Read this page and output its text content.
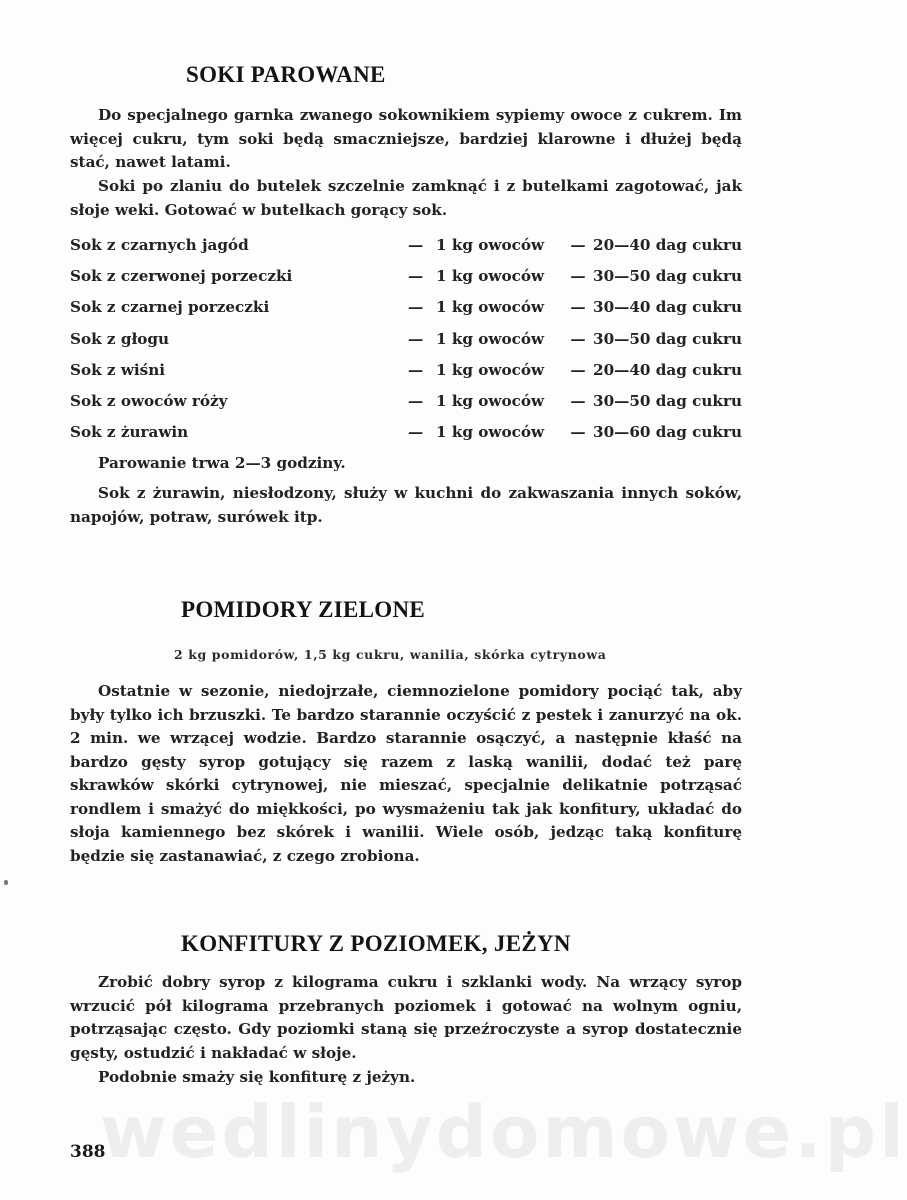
SOKI PAROWANE

Do specjalnego garnka zwanego sokownikiem sypiemy owoce z cukrem. Im więcej cukru, tym soki będą smaczniejsze, bardziej klarowne i dłużej będą stać, nawet latami.

Soki po zlaniu do butelek szczelnie zamknąć i z butelkami zagotować, jak słoje weki. Gotować w butelkach gorący sok.

Sok z czarnych jagód	— 1 kg owoców	— 20—40 dag cukru
Sok z czerwonej porzeczki	— 1 kg owoców	— 30—50 dag cukru
Sok z czarnej porzeczki	— 1 kg owoców	— 30—40 dag cukru
Sok z głogu	— 1 kg owoców	— 30—50 dag cukru
Sok z wiśni	— 1 kg owoców	— 20—40 dag cukru
Sok z owoców róży	— 1 kg owoców	— 30—50 dag cukru
Sok z żurawin	— 1 kg owoców	— 30—60 dag cukru

Parowanie trwa 2—3 godziny.

Sok z żurawin, niesłodzony, służy w kuchni do zakwaszania innych soków, napojów, potraw, surówek itp.

POMIDORY ZIELONE
2 kg pomidorów, 1,5 kg cukru, wanilia, skórka cytrynowa

Ostatnie w sezonie, niedojrzałe, ciemnozielone pomidory pociąć tak, aby były tylko ich brzuszki. Te bardzo starannie oczyścić z pestek i zanurzyć na ok. 2 min. we wrzącej wodzie. Bardzo starannie osączyć, a następnie kłaść na bardzo gęsty syrop gotujący się razem z laską wanilii, dodać też parę skrawków skórki cytrynowej, nie mieszać, specjalnie delikatnie potrząsać rondlem i smażyć do miękkości, po wysmażeniu tak jak konfitury, układać do słoja kamiennego bez skórek i wanilii. Wiele osób, jedząc taką konfiturę będzie się zastanawiać, z czego zrobiona.

KONFITURY Z POZIOMEK, JEŻYN

Zrobić dobry syrop z kilograma cukru i szklanki wody. Na wrzący syrop wrzucić pół kilograma przebranych poziomek i gotować na wolnym ogniu, potrząsając często. Gdy poziomki staną się przeźroczyste a syrop dostatecznie gęsty, ostudzić i nakładać w słoje.

Podobnie smaży się konfiturę z jeżyn.

388
wedlinydomowe.pl
